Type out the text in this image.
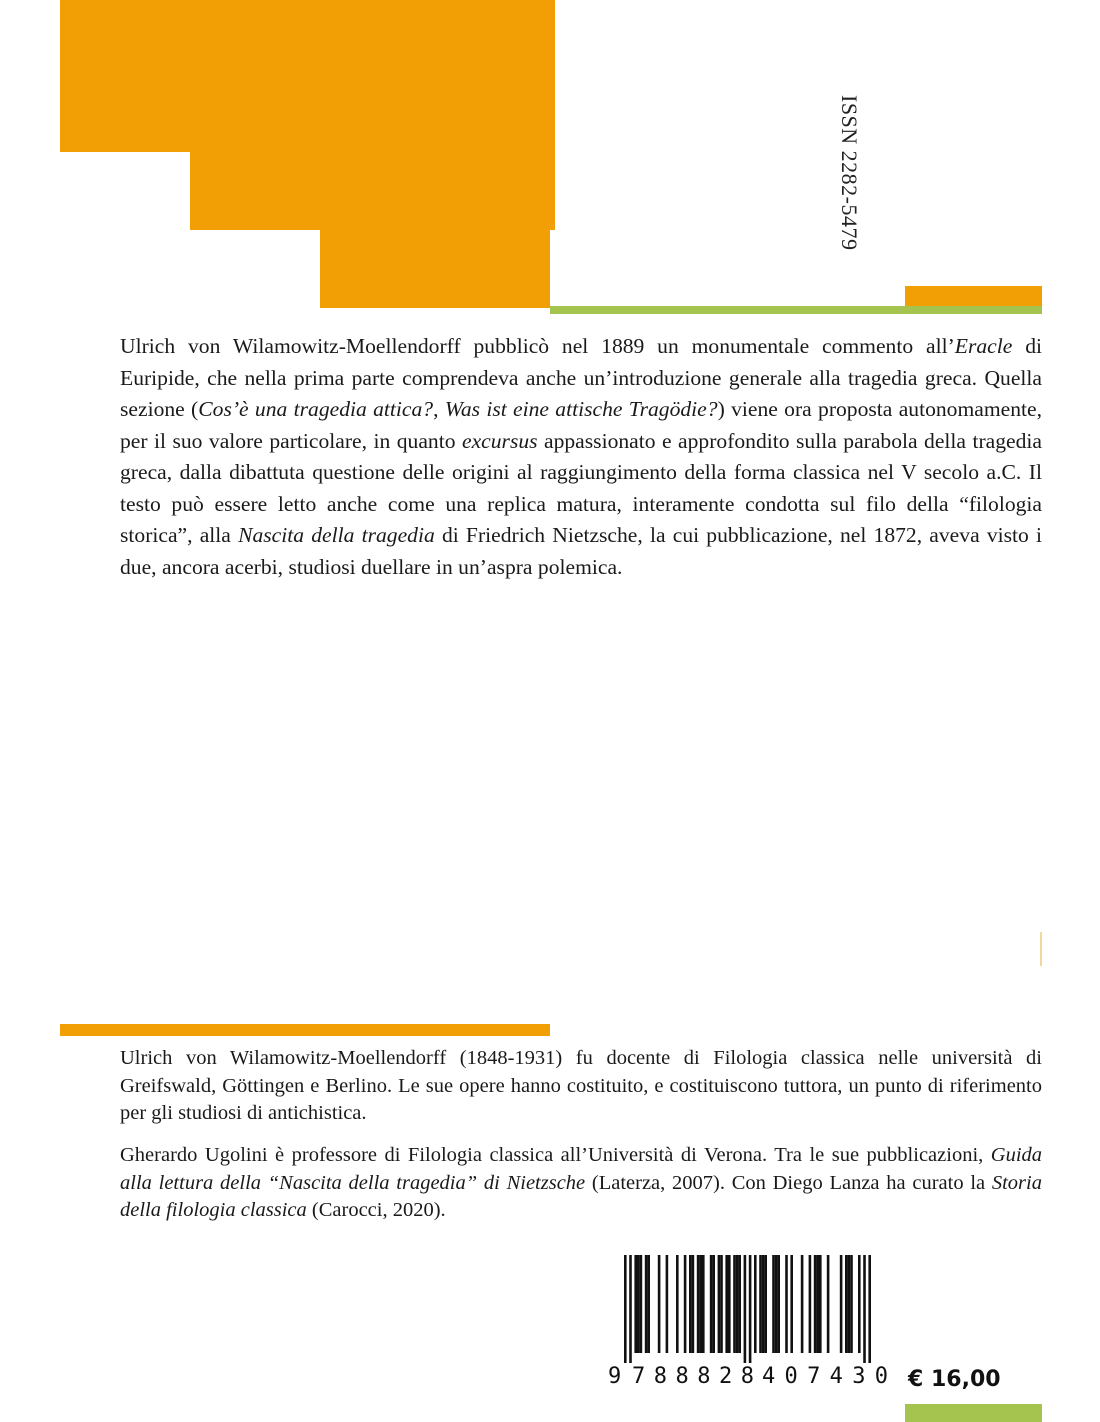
ISSN 2282-5479

Ulrich von Wilamowitz-Moellendorff pubblicò nel 1889 un monumentale commento all’Eracle di Euripide, che nella prima parte comprendeva anche un’introduzione generale alla tragedia greca. Quella sezione (Cos’è una tragedia attica?, Was ist eine attische Tragödie?) viene ora proposta autonomamente, per il suo valore particolare, in quanto excursus appassionato e approfondito sulla parabola della tragedia greca, dalla dibattuta questione delle origini al raggiungimento della forma classica nel V secolo a.C. Il testo può essere letto anche come una replica matura, interamente condotta sul filo della “filologia storica”, alla Nascita della tragedia di Friedrich Nietzsche, la cui pubblicazione, nel 1872, aveva visto i due, ancora acerbi, studiosi duellare in un’aspra polemica.

Ulrich von Wilamowitz-Moellendorff (1848-1931) fu docente di Filologia classica nelle università di Greifswald, Göttingen e Berlino. Le sue opere hanno costituito, e costituiscono tuttora, un punto di riferimento per gli studiosi di antichistica.

Gherardo Ugolini è professore di Filologia classica all’Università di Verona. Tra le sue pubblicazioni, Guida alla lettura della “Nascita della tragedia” di Nietzsche (Laterza, 2007). Con Diego Lanza ha curato la Storia della filologia classica (Carocci, 2020).

9 788828 407430 € 16,00
